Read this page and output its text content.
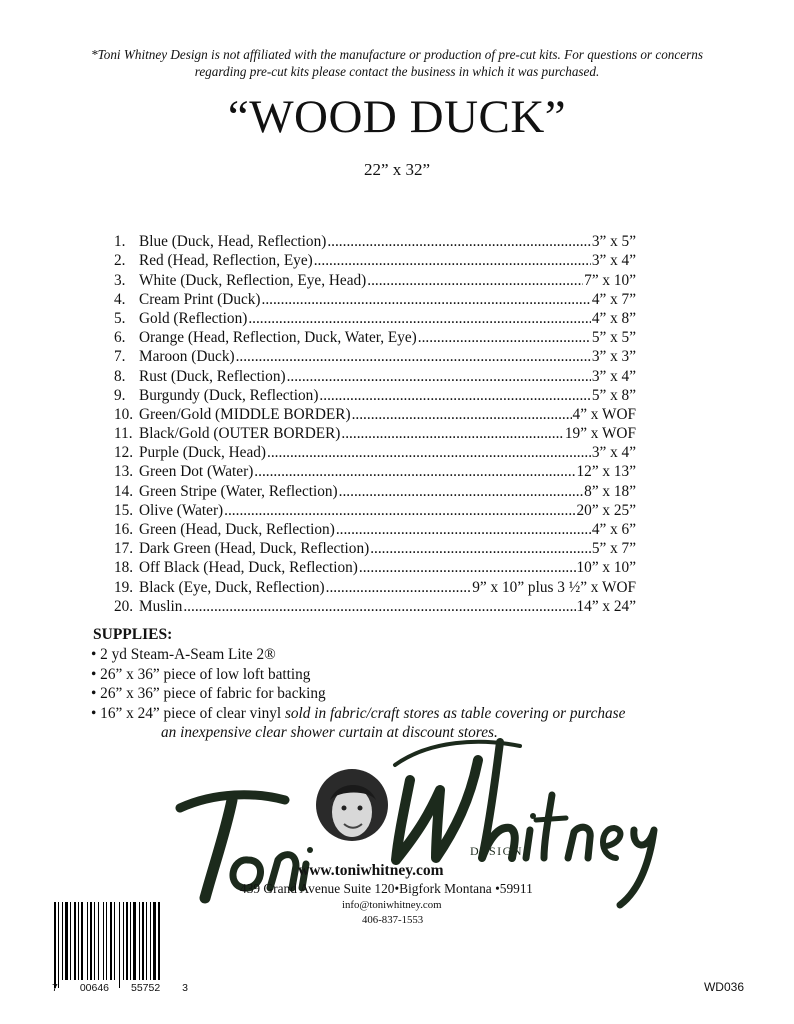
*Toni Whitney Design is not affiliated with the manufacture or production of pre-cut kits. For questions or concerns
regarding pre-cut kits please contact the business in which it was purchased.
“WOOD DUCK”
22” x 32”
1. Blue (Duck, Head, Reflection) .....	3” x 5”
2. Red (Head, Reflection, Eye) .....	3” x 4”
3. White (Duck, Reflection, Eye, Head) .....	7” x 10”
4. Cream Print (Duck) .....	4” x 7”
5. Gold (Reflection) .....	4” x 8”
6. Orange (Head, Reflection, Duck, Water, Eye) .....	5” x 5”
7. Maroon (Duck) .....	3” x 3”
8. Rust (Duck, Reflection) .....	3” x 4”
9. Burgundy (Duck, Reflection) .....	5” x 8”
10. Green/Gold (MIDDLE BORDER) .....	4” x WOF
11. Black/Gold (OUTER BORDER) .....	19” x WOF
12. Purple (Duck, Head) .....	3” x 4”
13. Green Dot (Water) .....	12” x 13”
14. Green Stripe (Water, Reflection) .....	8” x 18”
15. Olive (Water) .....	20” x 25”
16. Green (Head, Duck, Reflection) .....	4” x 6”
17. Dark Green (Head, Duck, Reflection) .....	5” x 7”
18. Off Black (Head, Duck, Reflection) .....	10” x 10”
19. Black (Eye, Duck, Reflection) .....	9” x 10” plus 3 ½” x WOF
20. Muslin .....	14” x 24”
SUPPLIES:
• 2 yd Steam-A-Seam Lite 2®
• 26” x 36” piece of low loft batting
• 26” x 36” piece of fabric for backing
• 16” x 24” piece of clear vinyl sold in fabric/craft stores as table covering or purchase
an inexpensive clear shower curtain at discount stores.
DESIGN
www.toniwhitney.com
439 Grand Avenue Suite 120•Bigfork Montana •59911
info@toniwhitney.com
406-837-1553
7 00646 55752 3	WD036
